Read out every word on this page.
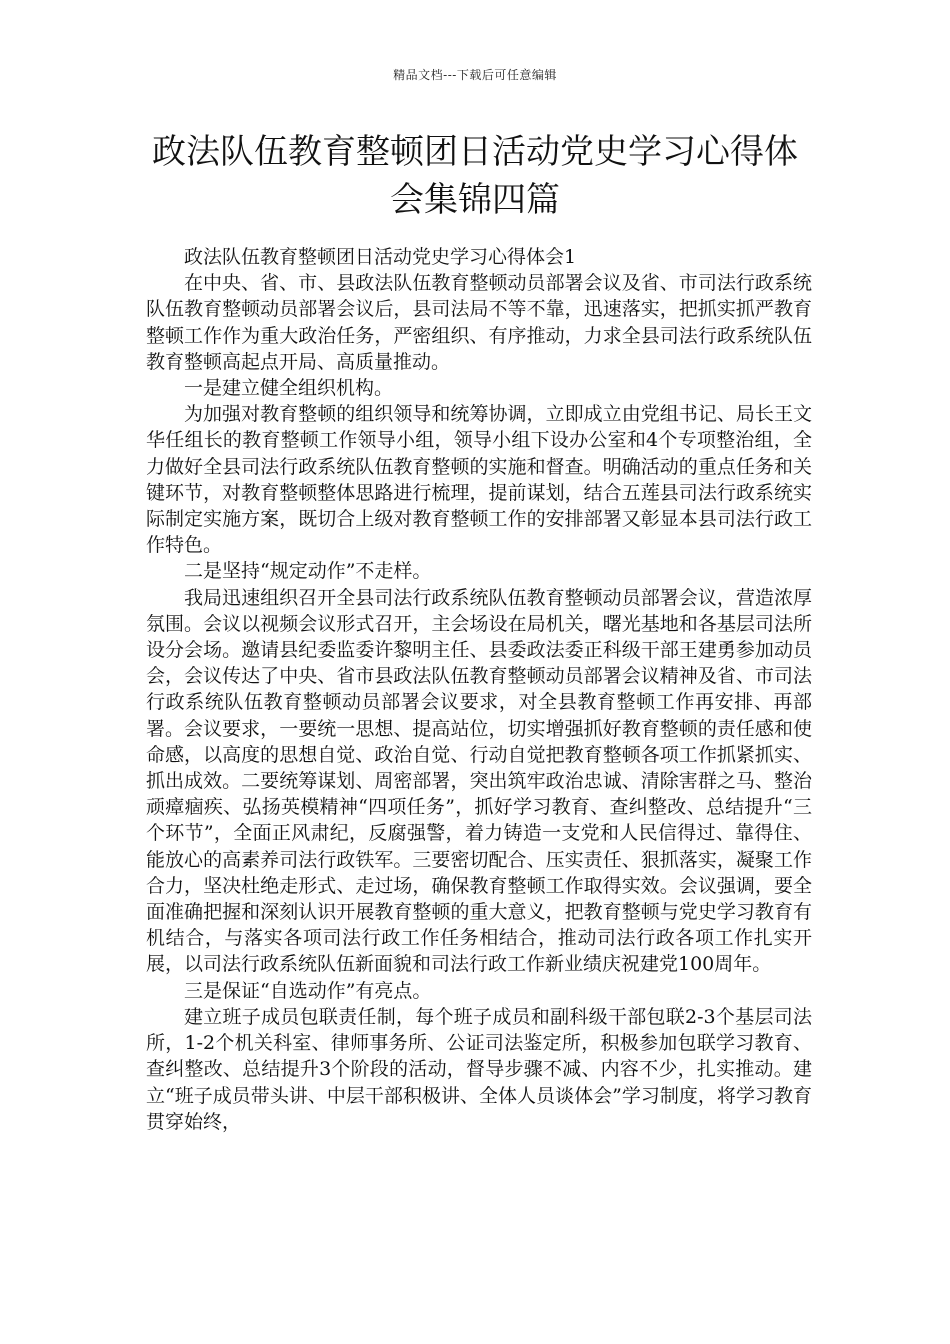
精品文档---下载后可任意编辑
政法队伍教育整顿团日活动党史学习心得体会集锦四篇

政法队伍教育整顿团日活动党史学习心得体会1

在中央、省、市、县政法队伍教育整顿动员部署会议及省、市司法行政系统队伍教育整顿动员部署会议后，县司法局不等不靠，迅速落实，把抓实抓严教育整顿工作作为重大政治任务，严密组织、有序推动，力求全县司法行政系统队伍教育整顿高起点开局、高质量推动。

一是建立健全组织机构。

为加强对教育整顿的组织领导和统筹协调，立即成立由党组书记、局长王文华任组长的教育整顿工作领导小组，领导小组下设办公室和4个专项整治组，全力做好全县司法行政系统队伍教育整顿的实施和督查。明确活动的重点任务和关键环节，对教育整顿整体思路进行梳理，提前谋划，结合五莲县司法行政系统实际制定实施方案，既切合上级对教育整顿工作的安排部署又彰显本县司法行政工作特色。

二是坚持“规定动作”不走样。

我局迅速组织召开全县司法行政系统队伍教育整顿动员部署会议，营造浓厚氛围。会议以视频会议形式召开，主会场设在局机关，曙光基地和各基层司法所设分会场。邀请县纪委监委许黎明主任、县委政法委正科级干部王建勇参加动员会，会议传达了中央、省市县政法队伍教育整顿动员部署会议精神及省、市司法行政系统队伍教育整顿动员部署会议要求，对全县教育整顿工作再安排、再部署。会议要求，一要统一思想、提高站位，切实增强抓好教育整顿的责任感和使命感，以高度的思想自觉、政治自觉、行动自觉把教育整顿各项工作抓紧抓实、抓出成效。二要统筹谋划、周密部署，突出筑牢政治忠诚、清除害群之马、整治顽瘴痼疾、弘扬英模精神“四项任务”，抓好学习教育、查纠整改、总结提升“三个环节”，全面正风肃纪，反腐强警，着力铸造一支党和人民信得过、靠得住、能放心的高素养司法行政铁军。三要密切配合、压实责任、狠抓落实，凝聚工作合力，坚决杜绝走形式、走过场，确保教育整顿工作取得实效。会议强调，要全面准确把握和深刻认识开展教育整顿的重大意义，把教育整顿与党史学习教育有机结合，与落实各项司法行政工作任务相结合，推动司法行政各项工作扎实开展，以司法行政系统队伍新面貌和司法行政工作新业绩庆祝建党100周年。

三是保证“自选动作”有亮点。

建立班子成员包联责任制，每个班子成员和副科级干部包联2-3个基层司法所，1-2个机关科室、律师事务所、公证司法鉴定所，积极参加包联学习教育、查纠整改、总结提升3个阶段的活动，督导步骤不减、内容不少，扎实推动。建立“班子成员带头讲、中层干部积极讲、全体人员谈体会”学习制度，将学习教育贯穿始终，
